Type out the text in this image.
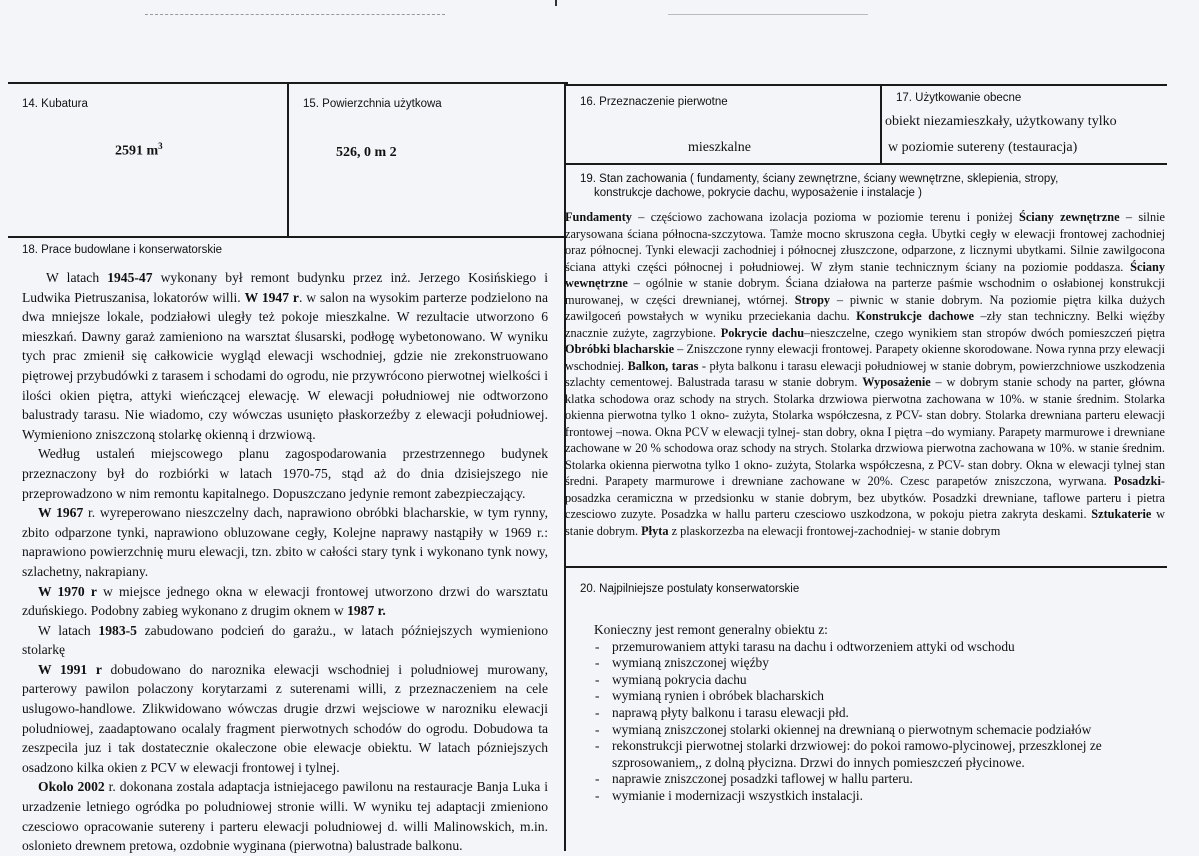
14. Kubatura
2591 $m^3$
15. Powierzchnia użytkowa
526, 0 m 2
16. Przeznaczenie pierwotne
mieszkalne
17. Użytkowanie obecne
obiekt niezamieszkały, użytkowany tylko
w poziomie sutereny (testauracja)
19. Stan zachowania ( fundamenty, ściany zewnętrzne, ściany wewnętrzne, sklepienia, stropy,
konstrukcje dachowe, pokrycie dachu, wyposażenie i instalacje )
Fundamenty – częściowo zachowana izolacja pozioma w poziomie terenu i poniżej Ściany zewnętrzne – silnie zarysowana ściana północna-szczytowa. Tamże mocno skruszona cegła. Ubytki cegły w elewacji frontowej zachodniej oraz północnej. Tynki elewacji zachodniej i północnej złuszczone, odparzone, z licznymi ubytkami. Silnie zawilgocona ściana attyki części północnej i południowej. W złym stanie technicznym ściany na poziomie poddasza. Ściany wewnętrzne – ogólnie w stanie dobrym. Ściana działowa na parterze paśmie wschodnim o osłabionej konstrukcji murowanej, w części drewnianej, wtórnej. Stropy – piwnic w stanie dobrym. Na poziomie piętra kilka dużych zawilgoceń powstałych w wyniku przeciekania dachu. Konstrukcje dachowe –zły stan techniczny. Belki więźby znacznie zużyte, zagrzybione. Pokrycie dachu–nieszczelne, czego wynikiem stan stropów dwóch pomieszczeń piętra Obróbki blacharskie – Zniszczone rynny elewacji frontowej. Parapety okienne skorodowane. Nowa rynna przy elewacji wschodniej. Balkon, taras - płyta balkonu i tarasu elewacji południowej w stanie dobrym, powierzchniowe uszkodzenia szlachty cementowej. Balustrada tarasu w stanie dobrym. Wyposażenie – w dobrym stanie schody na parter, główna klatka schodowa oraz schody na strych. Stolarka drzwiowa pierwotna zachowana w 10%. w stanie średnim. Stolarka okienna pierwotna tylko 1 okno- zużyta, Stolarka współczesna, z PCV- stan dobry. Stolarka drewniana parteru elewacji frontowej –nowa. Okna PCV w elewacji tylnej- stan dobry, okna I piętra –do wymiany. Parapety marmurowe i drewniane zachowane w 20 % schodowa oraz schody na strych. Stolarka drzwiowa pierwotna zachowana w 10%. w stanie średnim. Stolarka okienna pierwotna tylko 1 okno- zużyta, Stolarka współczesna, z PCV- stan dobry. Okna w elewacji tylnej stan średni. Parapety marmurowe i drewniane zachowane w 20%. Czesc parapetów zniszczona, wyrwana. Posadzki- posadzka ceramiczna w przedsionku w stanie dobrym, bez ubytków. Posadzki drewniane, taflowe parteru i pietra czesciowo zuzyte. Posadzka w hallu parteru czesciowo uszkodzona, w pokoju pietra zakryta deskami. Sztukaterie w stanie dobrym. Płyta z plaskorzezba na elewacji frontowej-zachodniej- w stanie dobrym
18. Prace budowlane i konserwatorskie

W latach 1945-47 wykonany był remont budynku przez inż. Jerzego Kosińskiego i Ludwika Pietruszanisa, lokatorów willi. W 1947 r. w salon na wysokim parterze podzielono na dwa mniejsze lokale, podziałowi uległy też pokoje mieszkalne. W rezultacie utworzono 6 mieszkań. Dawny garaż zamieniono na warsztat ślusarski, podłogę wybetonowano. W wyniku tych prac zmienił się całkowicie wygląd elewacji wschodniej, gdzie nie zrekonstruowano piętrowej przybudówki z tarasem i schodami do ogrodu, nie przywrócono pierwotnej wielkości i ilości okien piętra, attyki wieńczącej elewację. W elewacji południowej nie odtworzono balustrady tarasu. Nie wiadomo, czy wówczas usunięto płaskorzeźby z elewacji południowej. Wymieniono zniszczoną stolarkę okienną i drzwiową.

Według ustaleń miejscowego planu zagospodarowania przestrzennego budynek przeznaczony był do rozbiórki w latach 1970-75, stąd aż do dnia dzisiejszego nie przeprowadzono w nim remontu kapitalnego. Dopuszczano jedynie remont zabezpieczający.

W 1967 r. wyreperowano nieszczelny dach, naprawiono obróbki blacharskie, w tym rynny, zbito odparzone tynki, naprawiono obluzowane cegły, Kolejne naprawy nastąpiły w 1969 r.: naprawiono powierzchnię muru elewacji, tzn. zbito w całości stary tynk i wykonano tynk nowy, szlachetny, nakrapiany.

W 1970 r w miejsce jednego okna w elewacji frontowej utworzono drzwi do warsztatu zduńskiego. Podobny zabieg wykonano z drugim oknem w 1987 r.

W latach 1983-5 zabudowano podcień do garażu., w latach późniejszych wymieniono stolarkę

W 1991 r dobudowano do naroznika elewacji wschodniej i poludniowej murowany, parterowy pawilon polaczony korytarzami z suterenami willi, z przeznaczeniem na cele uslugowo-handlowe. Zlikwidowano wówczas drugie drzwi wejsciowe w narozniku elewacji poludniowej, zaadaptowano ocalaly fragment pierwotnych schodów do ogrodu. Dobudowa ta zeszpecila juz i tak dostatecznie okaleczone obie elewacje obiektu. W latach pózniejszych osadzono kilka okien z PCV w elewacji frontowej i tylnej.

Okolo 2002 r. dokonana zostala adaptacja istniejacego pawilonu na restauracje Banja Luka i urzadzenie letniego ogródka po poludniowej stronie willi. W wyniku tej adaptacji zmieniono czesciowo opracowanie sutereny i parteru elewacji poludniowej d. willi Malinowskich, m.in. oslonieto drewnem pretowa, ozdobnie wyginana (pierwotna) balustrade balkonu.

20. Najpilniejsze postulaty konserwatorskie
Konieczny jest remont generalny obiektu z:
- przemurowaniem attyki tarasu na dachu i odtworzeniem attyki od wschodu
- wymianą zniszczonej więźby
- wymianą pokrycia dachu
- wymianą rynien i obróbek blacharskich
- naprawą płyty balkonu i tarasu elewacji płd.
- wymianą zniszczonej stolarki okiennej na drewnianą o pierwotnym schemacie podziałów
- rekonstrukcji pierwotnej stolarki drzwiowej: do pokoi ramowo-plycinowej, przeszklonej ze szprosowaniem,, z dolną płycizna. Drzwi do innych pomieszczeń płycinowe.
- naprawie zniszczonej posadzki taflowej w hallu parteru.
- wymianie i modernizacji wszystkich instalacji.
